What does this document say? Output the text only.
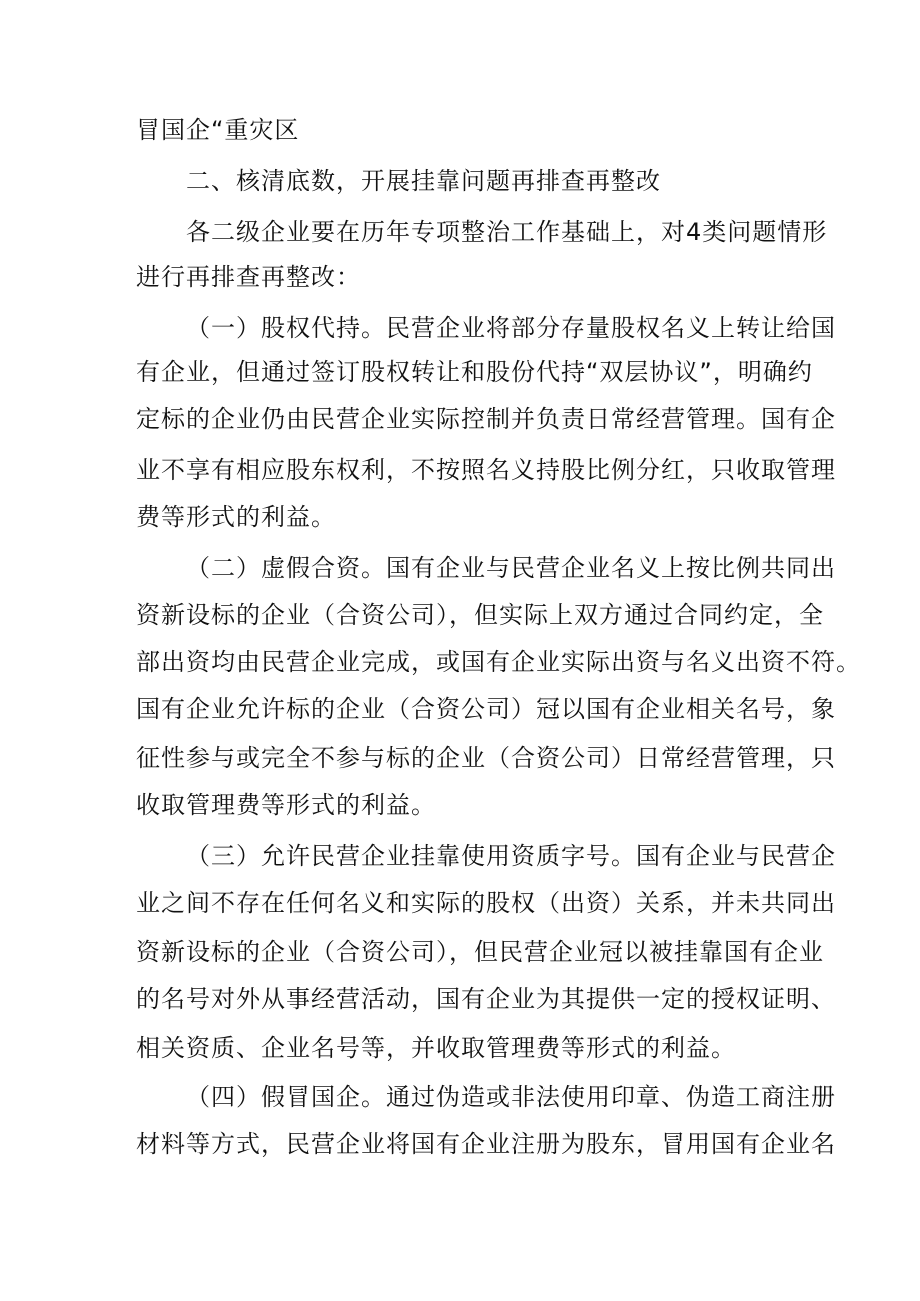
冒国企“重灾区
二、核清底数，开展挂靠问题再排查再整改
各二级企业要在历年专项整治工作基础上，对4类问题情形
进行再排查再整改：
（一）股权代持。民营企业将部分存量股权名义上转让给国
有企业，但通过签订股权转让和股份代持“双层协议”，明确约
定标的企业仍由民营企业实际控制并负责日常经营管理。国有企
业不享有相应股东权利，不按照名义持股比例分红，只收取管理
费等形式的利益。
（二）虚假合资。国有企业与民营企业名义上按比例共同出
资新设标的企业（合资公司），但实际上双方通过合同约定，全
部出资均由民营企业完成，或国有企业实际出资与名义出资不符。
国有企业允许标的企业（合资公司）冠以国有企业相关名号，象
征性参与或完全不参与标的企业（合资公司）日常经营管理，只
收取管理费等形式的利益。
（三）允许民营企业挂靠使用资质字号。国有企业与民营企
业之间不存在任何名义和实际的股权（出资）关系，并未共同出
资新设标的企业（合资公司），但民营企业冠以被挂靠国有企业
的名号对外从事经营活动，国有企业为其提供一定的授权证明、
相关资质、企业名号等，并收取管理费等形式的利益。
（四）假冒国企。通过伪造或非法使用印章、伪造工商注册
材料等方式，民营企业将国有企业注册为股东，冒用国有企业名
